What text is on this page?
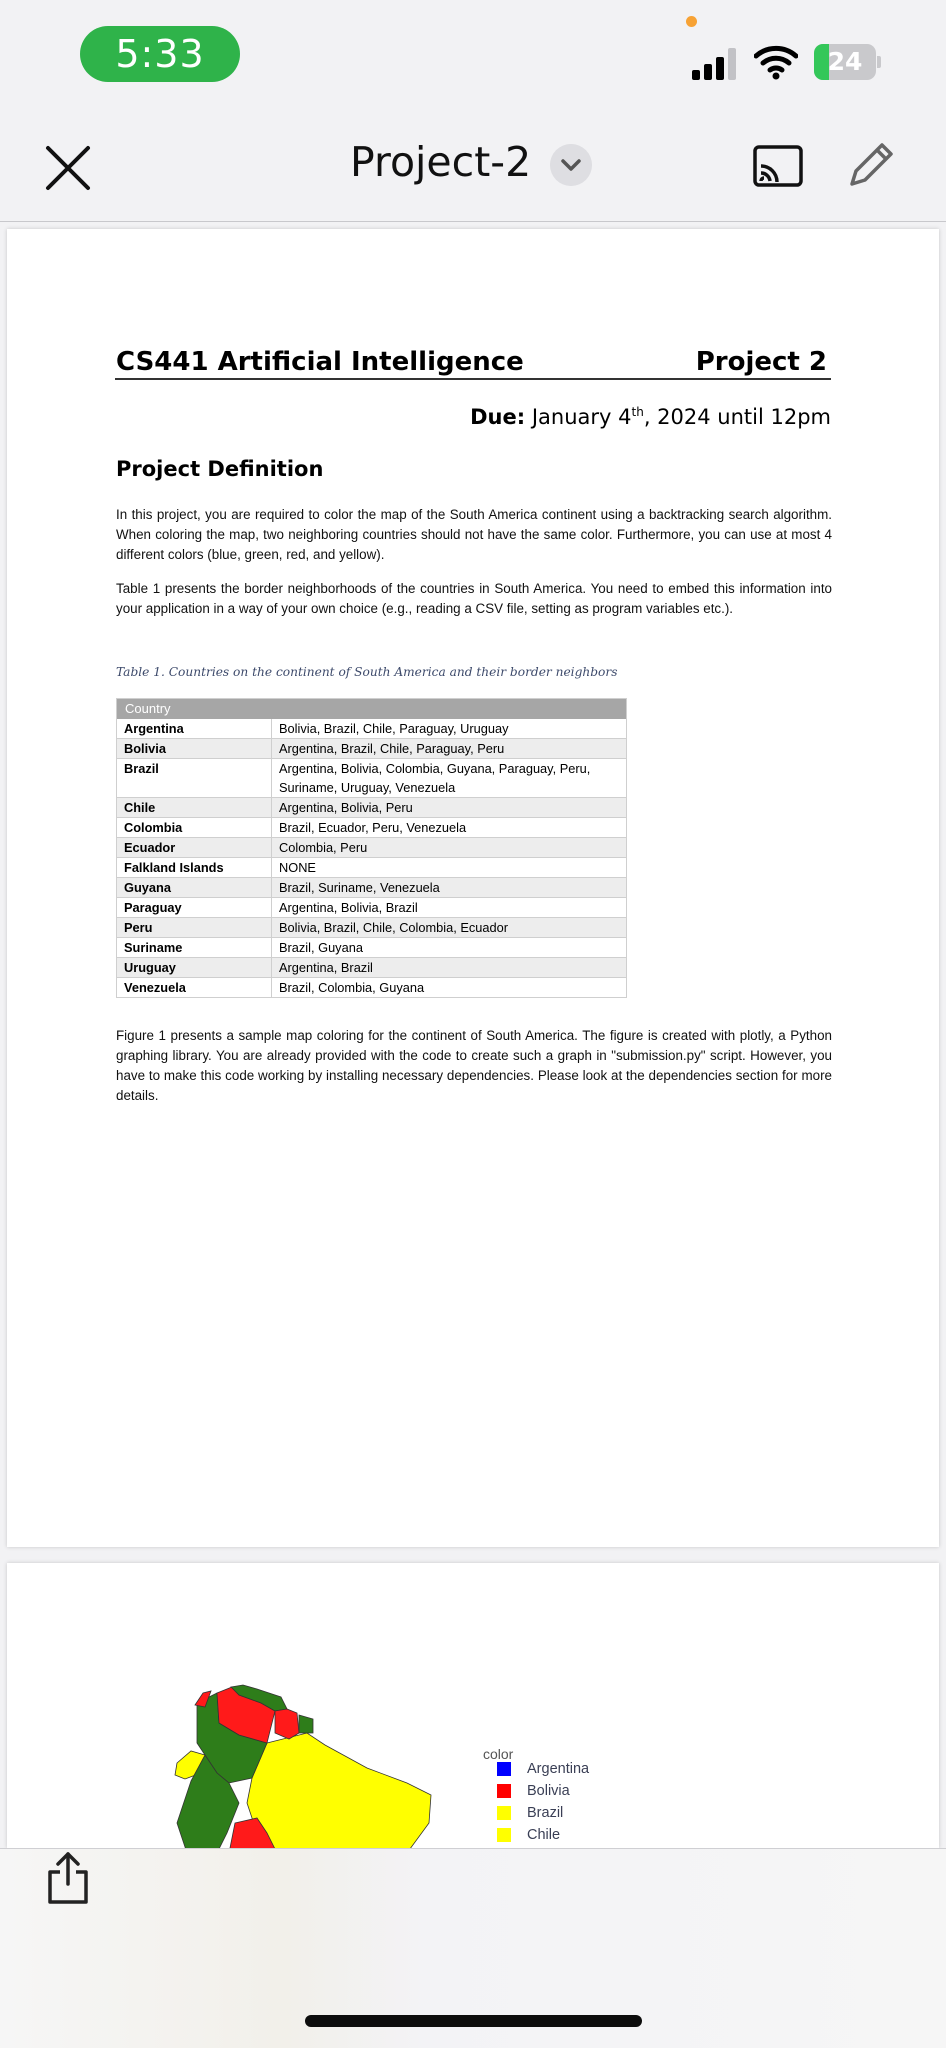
5:33	24
Project-2
CS441 Artificial Intelligence	Project 2
Due: January 4th, 2024 until 12pm
Project Definition
In this project, you are required to color the map of the South America continent using a backtracking search algorithm. When coloring the map, two neighboring countries should not have the same color. Furthermore, you can use at most 4 different colors (blue, green, red, and yellow).
Table 1 presents the border neighborhoods of the countries in South America. You need to embed this information into your application in a way of your own choice (e.g., reading a CSV file, setting as program variables etc.).
Table 1. Countries on the continent of South America and their border neighbors
Country	
Argentina	Bolivia, Brazil, Chile, Paraguay, Uruguay
Bolivia	Argentina, Brazil, Chile, Paraguay, Peru
Brazil	Argentina, Bolivia, Colombia, Guyana, Paraguay, Peru, Suriname, Uruguay, Venezuela
Chile	Argentina, Bolivia, Peru
Colombia	Brazil, Ecuador, Peru, Venezuela
Ecuador	Colombia, Peru
Falkland Islands	NONE
Guyana	Brazil, Suriname, Venezuela
Paraguay	Argentina, Bolivia, Brazil
Peru	Bolivia, Brazil, Chile, Colombia, Ecuador
Suriname	Brazil, Guyana
Uruguay	Argentina, Brazil
Venezuela	Brazil, Colombia, Guyana
Figure 1 presents a sample map coloring for the continent of South America. The figure is created with plotly, a Python graphing library. You are already provided with the code to create such a graph in "submission.py" script. However, you have to make this code working by installing necessary dependencies. Please look at the dependencies section for more details.
color
Argentina
Bolivia
Brazil
Chile
